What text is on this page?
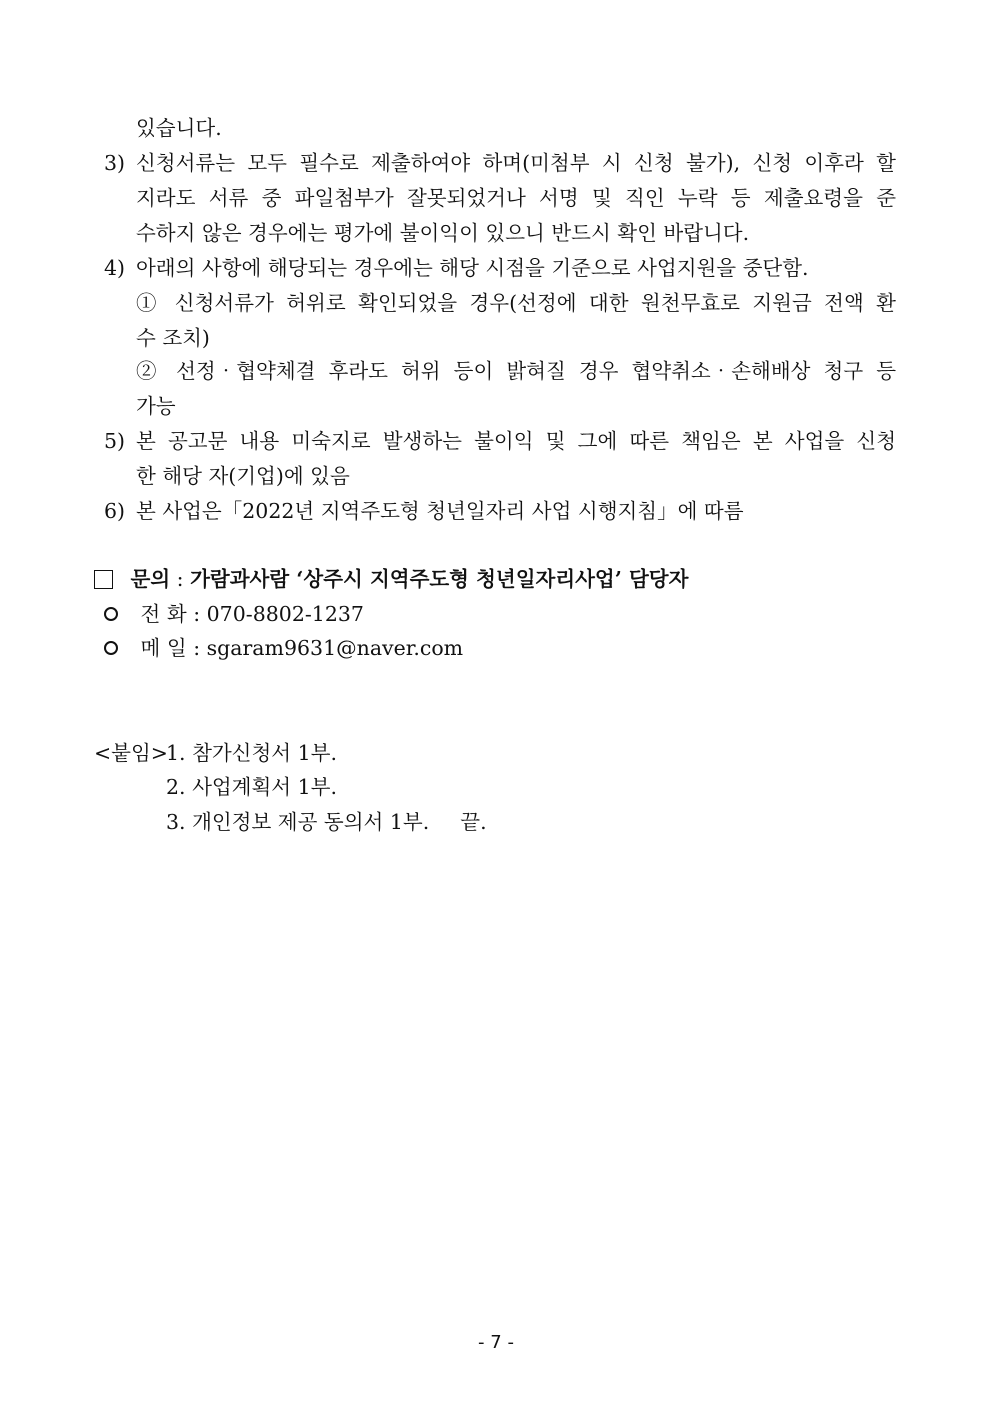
있습니다.
3) 신청서류는 모두 필수로 제출하여야 하며(미첨부 시 신청 불가), 신청 이후라 할
지라도 서류 중 파일첨부가 잘못되었거나 서명 및 직인 누락 등 제출요령을 준
수하지 않은 경우에는 평가에 불이익이 있으니 반드시 확인 바랍니다.
4) 아래의 사항에 해당되는 경우에는 해당 시점을 기준으로 사업지원을 중단함.
① 신청서류가 허위로 확인되었을 경우(선정에 대한 원천무효로 지원금 전액 환
수 조치)
② 선정‧협약체결 후라도 허위 등이 밝혀질 경우 협약취소‧손해배상 청구 등
가능
5) 본 공고문 내용 미숙지로 발생하는 불이익 및 그에 따른 책임은 본 사업을 신청
한 해당 자(기업)에 있음
6) 본 사업은「2022년 지역주도형 청년일자리 사업 시행지침」에 따름
문의 : 가람과사람 ‘상주시 지역주도형 청년일자리사업’ 담당자
전 화 : 070-8802-1237
메 일 : sgaram9631@naver.com
<붙임>
1. 참가신청서 1부.
2. 사업계획서 1부.
3. 개인정보 제공 동의서 1부. 끝.
- 7 -
